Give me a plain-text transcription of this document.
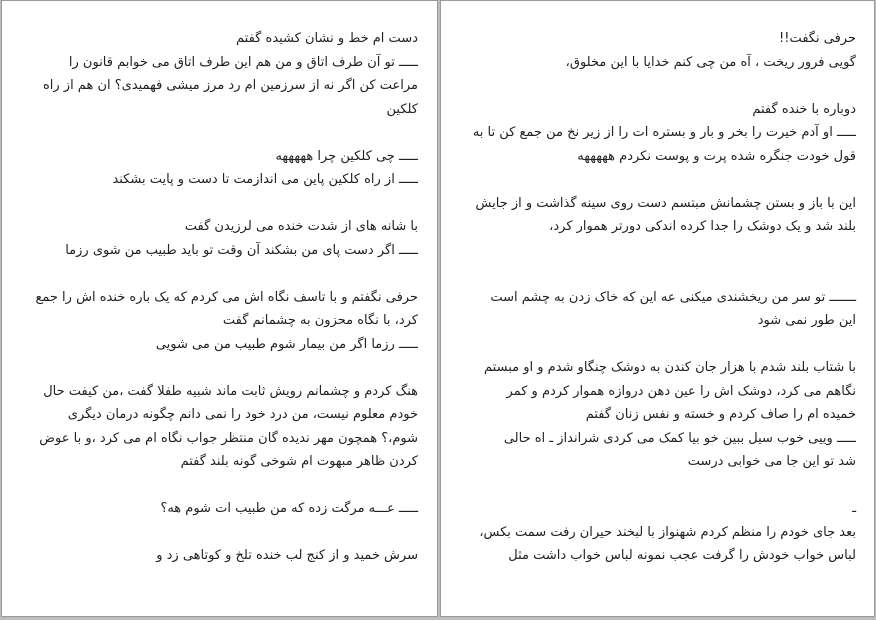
دست ام خط و نشان کشیده گفتم
ـــــ تو آن طرف اتاق و من هم این طرف اتاق می خوابم قانون را
مراعت کن اگر نه از سرزمین ام رد مرز میشی فهمیدی؟ ان هم از راه
کلکین
ـــــ چی کلکین چرا هههههه
ـــــ از راه کلکین پاین می اندازمت تا دست و پایت بشکند
با شانه های از شدت خنده می لرزیدن گفت
ـــــ اگر دست پای من بشکند آن وقت تو باید طبیب من شوی رزما
حرفی نگفتم و با تاسف نگاه اش می کردم که یک باره خنده اش را جمع
کرد، با نگاه محزون به چشمانم گفت
ـــــ رزما اگر من بیمار شوم طبیب من می شویی
هنگ کردم و چشمانم رویش ثابت ماند شبیه طفلا گفت ،من کیفت حال
خودم معلوم نیست، من درد خود را نمی دانم چگونه درمان دیگری
شوم،؟ همچون مهر ندیده گان منتظر جواب نگاه ام می کرد ،و با عوض
کردن ظاهر مبهوت ام شوخی گونه بلند گفتم
ـــــ عـــه مرگت زده که من طبیب ات شوم هه؟
سرش خمید و از کنج لب خنده تلخ و کوتاهی زد و
حرفی نگفت!!
گویی فرور ریخت ، آه من چی کنم خدایا با این مخلوق،
دوباره با خنده گفتم
ـــــ او آدم خیرت را بخر و بار و بستره ات را از زیر نخ من جمع کن تا به
قول خودت جنگره شده پرت و پوست نکردم هههههه
این با باز و بستن چشمانش مبتسم دست روی سینه گذاشت و از جایش
بلند شد و یک دوشک را جدا کرده اندکی دورتر هموار کرد،
ـــــــ تو سر من ریخشندی میکنی عه این که خاک زدن به چشم است
این طور نمی شود
با شتاب بلند شدم با هزار جان کندن به دوشک چنگاو شدم و او مبستم
نگاهم می کرد، دوشک اش را عین دهن دروازه هموار کردم و کمر
خمیده ام را صاف کردم و خسته و نفس زنان گفتم
ـــــ وییی خوب سیل ببین خو بیا کمک می کردی شرانداز ـ اه حالی
شد تو این جا می خوابی درست
ـ
بعد جای خودم را منظم کردم شهنواز با لبخند حیران رفت سمت بکس،
لباس خواب خودش را گرفت عجب نمونه لباس خواب داشت مثل
